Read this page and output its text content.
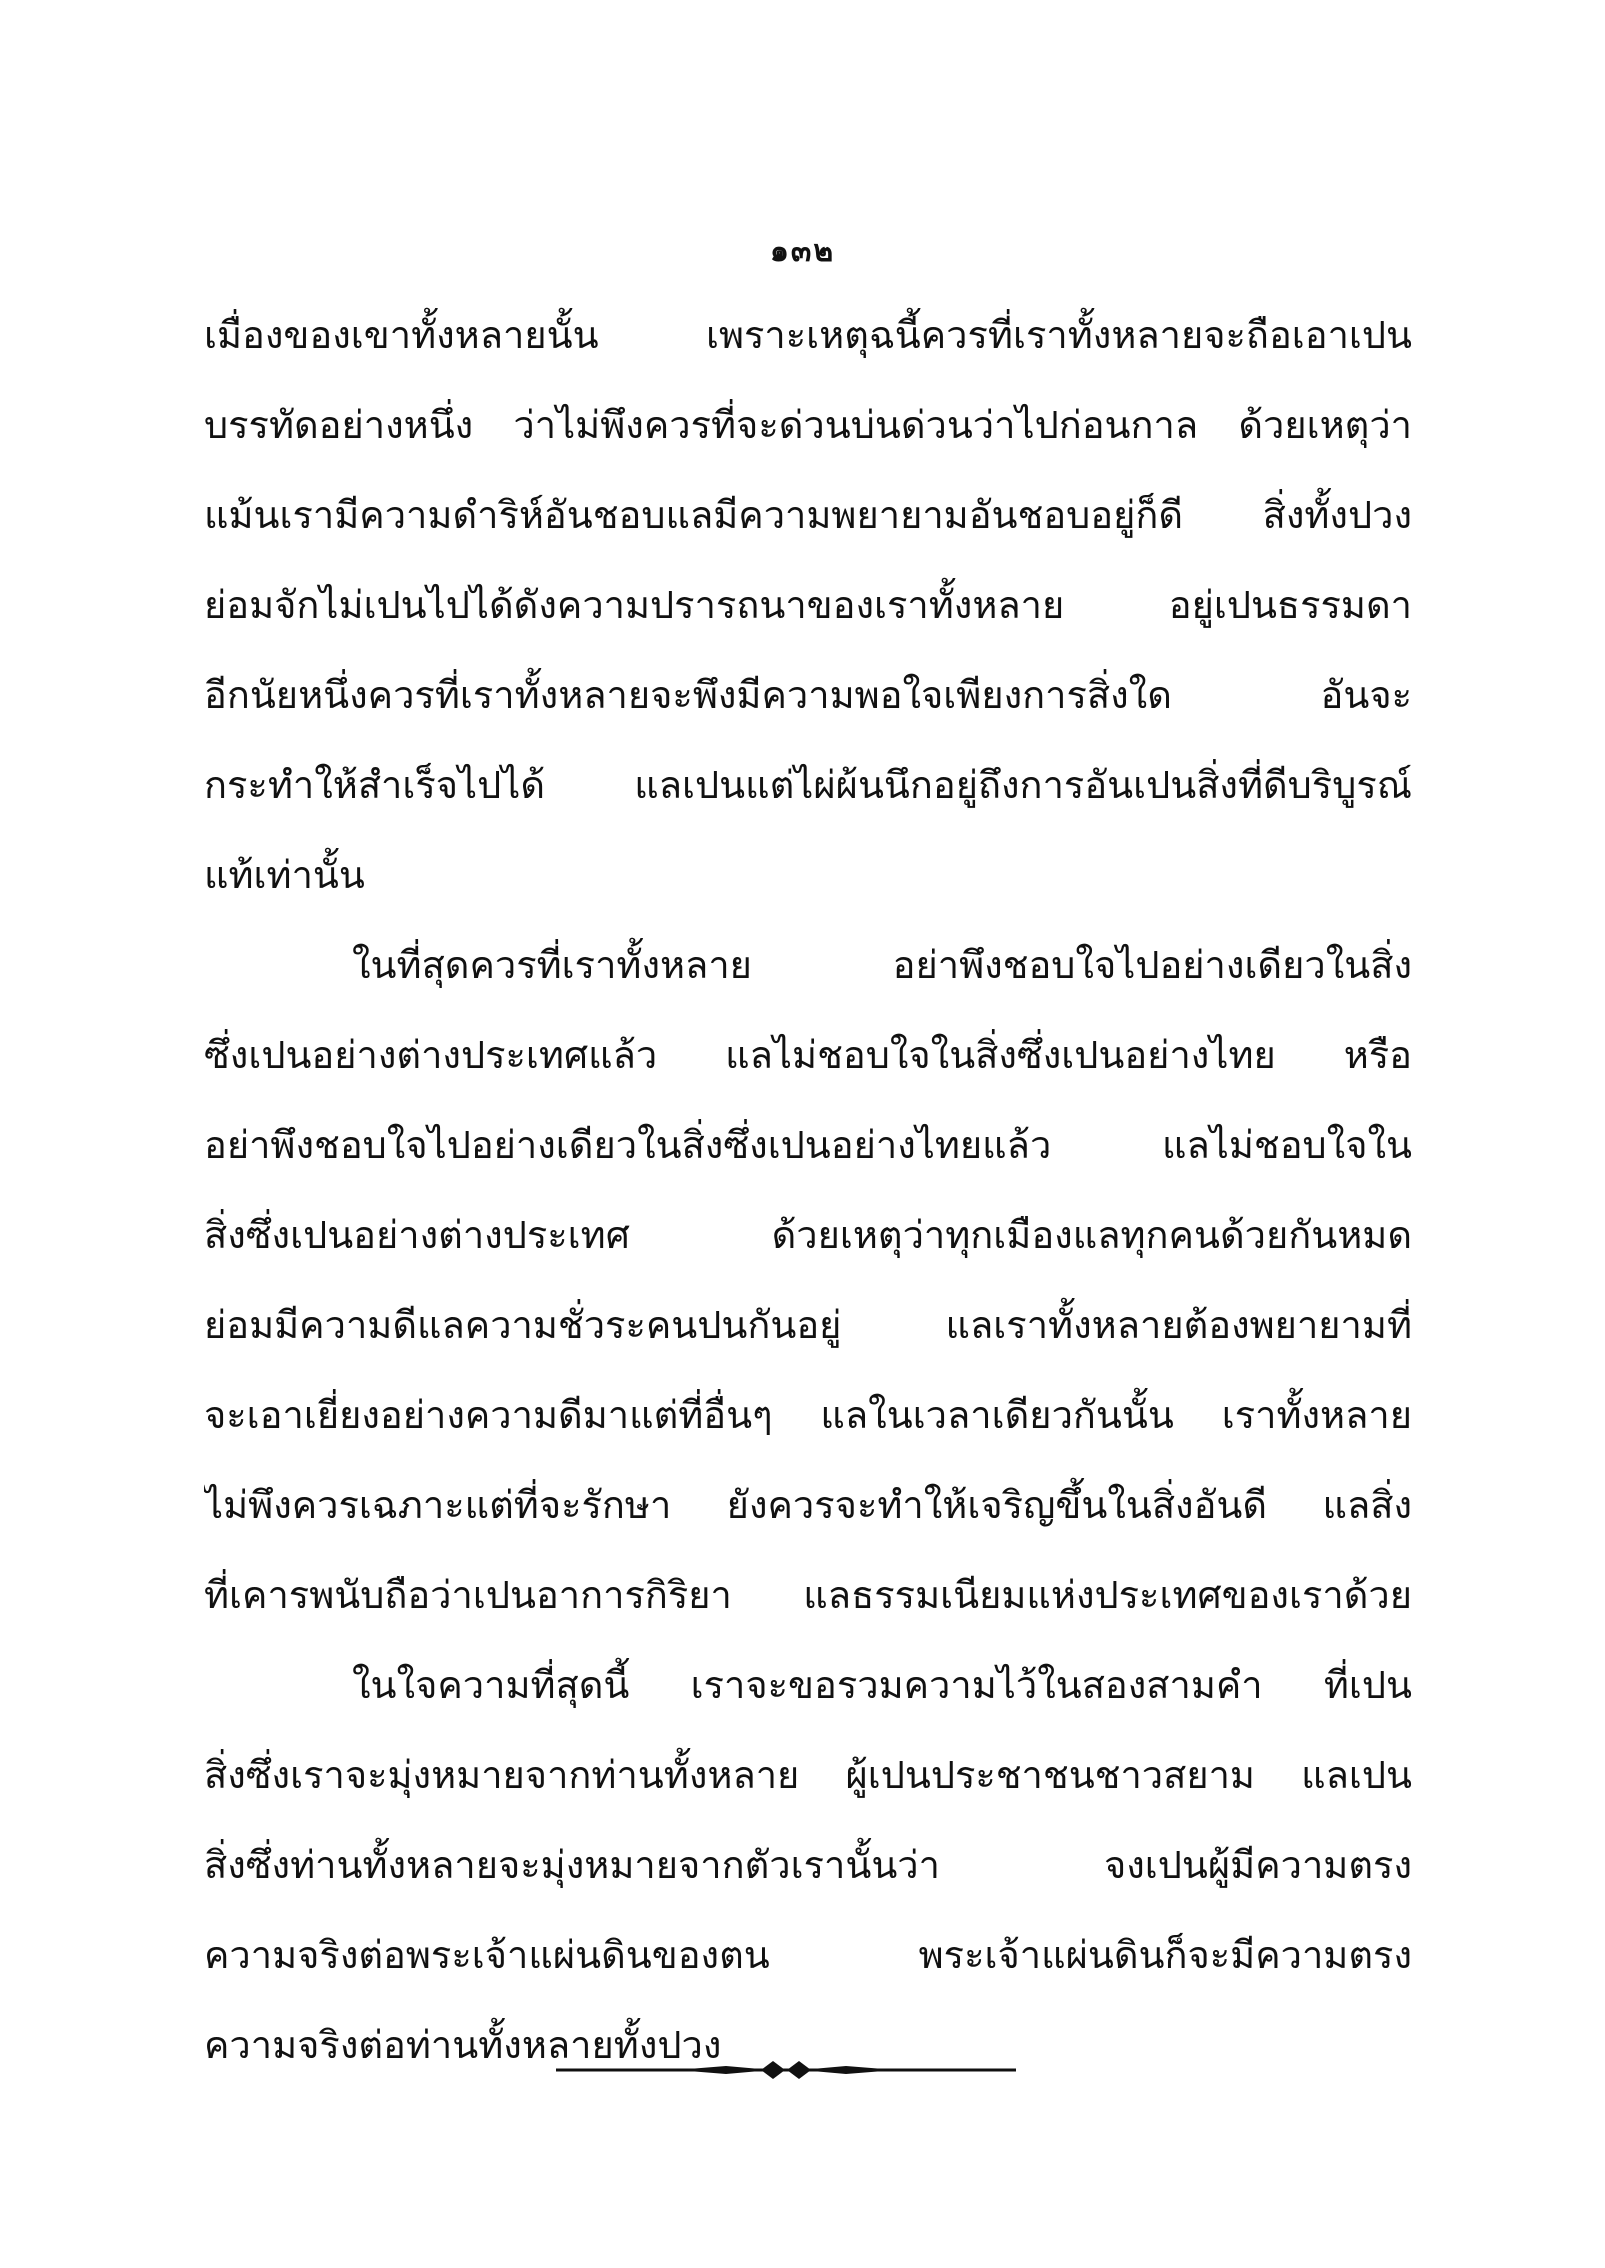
๑๓๒
เมื่องของเขาทั้งหลายนั้น เพราะเหตุฉนี้ควรที่เราทั้งหลายจะถือเอาเปน
บรรทัดอย่างหนึ่ง ว่าไม่พึงควรที่จะด่วนบ่นด่วนว่าไปก่อนกาล ด้วยเหตุว่า
แม้นเรามีความดำริห์อันชอบแลมีความพยายามอันชอบอยู่ก็ดี สิ่งทั้งปวง
ย่อมจักไม่เปนไปได้ดังความปรารถนาของเราทั้งหลาย อยู่เปนธรรมดา
อีกนัยหนึ่งควรที่เราทั้งหลายจะพึงมีความพอใจเพียงการสิ่งใด อันจะ
กระทำให้สำเร็จไปได้ แลเปนแต่ไผ่ผ้นนึกอยู่ถึงการอันเปนสิ่งที่ดีบริบูรณ์
แท้เท่านั้น
ในที่สุดควรที่เราทั้งหลาย อย่าพึงชอบใจไปอย่างเดียวในสิ่ง
ซึ่งเปนอย่างต่างประเทศแล้ว แลไม่ชอบใจในสิ่งซึ่งเปนอย่างไทย หรือ
อย่าพึงชอบใจไปอย่างเดียวในสิ่งซึ่งเปนอย่างไทยแล้ว แลไม่ชอบใจใน
สิ่งซึ่งเปนอย่างต่างประเทศ ด้วยเหตุว่าทุกเมืองแลทุกคนด้วยกันหมด
ย่อมมีความดีแลความชั่วระคนปนกันอยู่ แลเราทั้งหลายต้องพยายามที่
จะเอาเยี่ยงอย่างความดีมาแต่ที่อื่นๆ แลในเวลาเดียวกันนั้น เราทั้งหลาย
ไม่พึงควรเฉภาะแต่ที่จะรักษา ยังควรจะทำให้เจริญขึ้นในสิ่งอันดี แลสิ่ง
ที่เคารพนับถือว่าเปนอาการกิริยา แลธรรมเนียมแห่งประเทศของเราด้วย
ในใจความที่สุดนี้ เราจะขอรวมความไว้ในสองสามคำ ที่เปน
สิ่งซึ่งเราจะมุ่งหมายจากท่านทั้งหลาย ผู้เปนประชาชนชาวสยาม แลเปน
สิ่งซึ่งท่านทั้งหลายจะมุ่งหมายจากตัวเรานั้นว่า จงเปนผู้มีความตรง
ความจริงต่อพระเจ้าแผ่นดินของตน พระเจ้าแผ่นดินก็จะมีความตรง
ความจริงต่อท่านทั้งหลายทั้งปวง
